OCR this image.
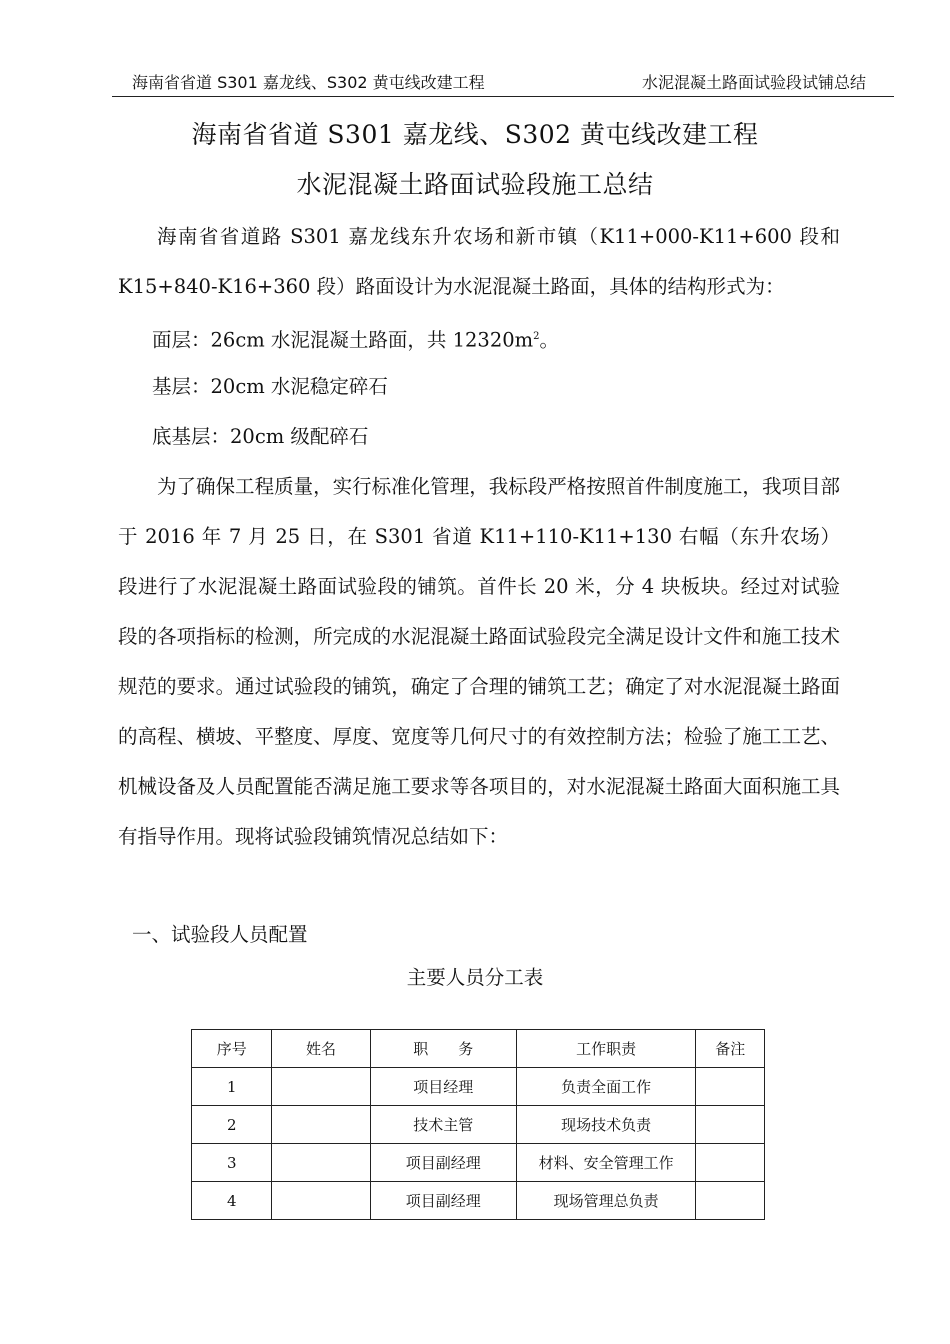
海南省省道 S301 嘉龙线、S302 黄屯线改建工程	水泥混凝土路面试验段试铺总结
海南省省道 S301 嘉龙线、S302 黄屯线改建工程
水泥混凝土路面试验段施工总结
海南省省道路 S301 嘉龙线东升农场和新市镇（K11+000-K11+600 段和 K15+840-K16+360 段）路面设计为水泥混凝土路面，具体的结构形式为：
面层：26cm 水泥混凝土路面，共 $12320m^2$。
基层：20cm 水泥稳定碎石
底基层：20cm 级配碎石
为了确保工程质量，实行标准化管理，我标段严格按照首件制度施工，我项目部于 2016 年 7 月 25 日，在 S301 省道 K11+110-K11+130 右幅（东升农场）段进行了水泥混凝土路面试验段的铺筑。首件长 20 米，分 4 块板块。经过对试验段的各项指标的检测，所完成的水泥混凝土路面试验段完全满足设计文件和施工技术规范的要求。通过试验段的铺筑，确定了合理的铺筑工艺；确定了对水泥混凝土路面的高程、横坡、平整度、厚度、宽度等几何尺寸的有效控制方法；检验了施工工艺、机械设备及人员配置能否满足施工要求等各项目的，对水泥混凝土路面大面积施工具有指导作用。现将试验段铺筑情况总结如下：
一、试验段人员配置
主要人员分工表
序号	姓名	职　　务	工作职责	备注
1		项目经理	负责全面工作	
2		技术主管	现场技术负责	
3		项目副经理	材料、安全管理工作	
4		项目副经理	现场管理总负责	
